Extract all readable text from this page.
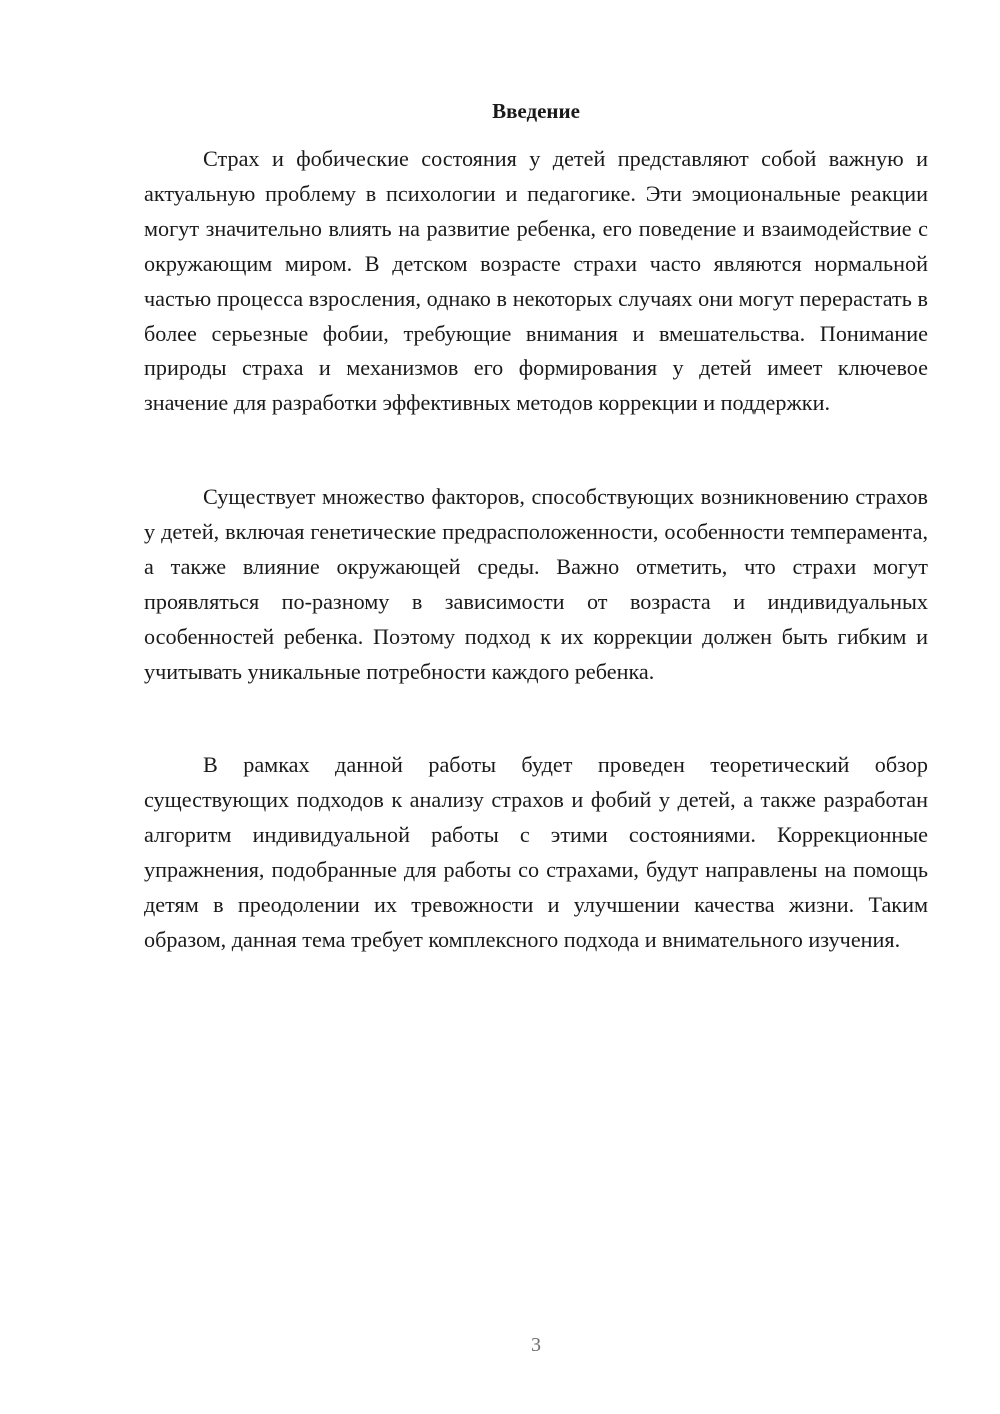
Введение

Страх и фобические состояния у детей представляют собой важную и актуальную проблему в психологии и педагогике. Эти эмоциональные реакции могут значительно влиять на развитие ребенка, его поведение и взаимодействие с окружающим миром. В детском возрасте страхи часто являются нормальной частью процесса взросления, однако в некоторых случаях они могут перерастать в более серьезные фобии, требующие внимания и вмешательства. Понимание природы страха и механизмов его формирования у детей имеет ключевое значение для разработки эффективных методов коррекции и поддержки.

Существует множество факторов, способствующих возникновению страхов у детей, включая генетические предрасположенности, особенности темперамента, а также влияние окружающей среды. Важно отметить, что страхи могут проявляться по-разному в зависимости от возраста и индивидуальных особенностей ребенка. Поэтому подход к их коррекции должен быть гибким и учитывать уникальные потребности каждого ребенка.

В рамках данной работы будет проведен теоретический обзор существующих подходов к анализу страхов и фобий у детей, а также разработан алгоритм индивидуальной работы с этими состояниями. Коррекционные упражнения, подобранные для работы со страхами, будут направлены на помощь детям в преодолении их тревожности и улучшении качества жизни. Таким образом, данная тема требует комплексного подхода и внимательного изучения.

3
